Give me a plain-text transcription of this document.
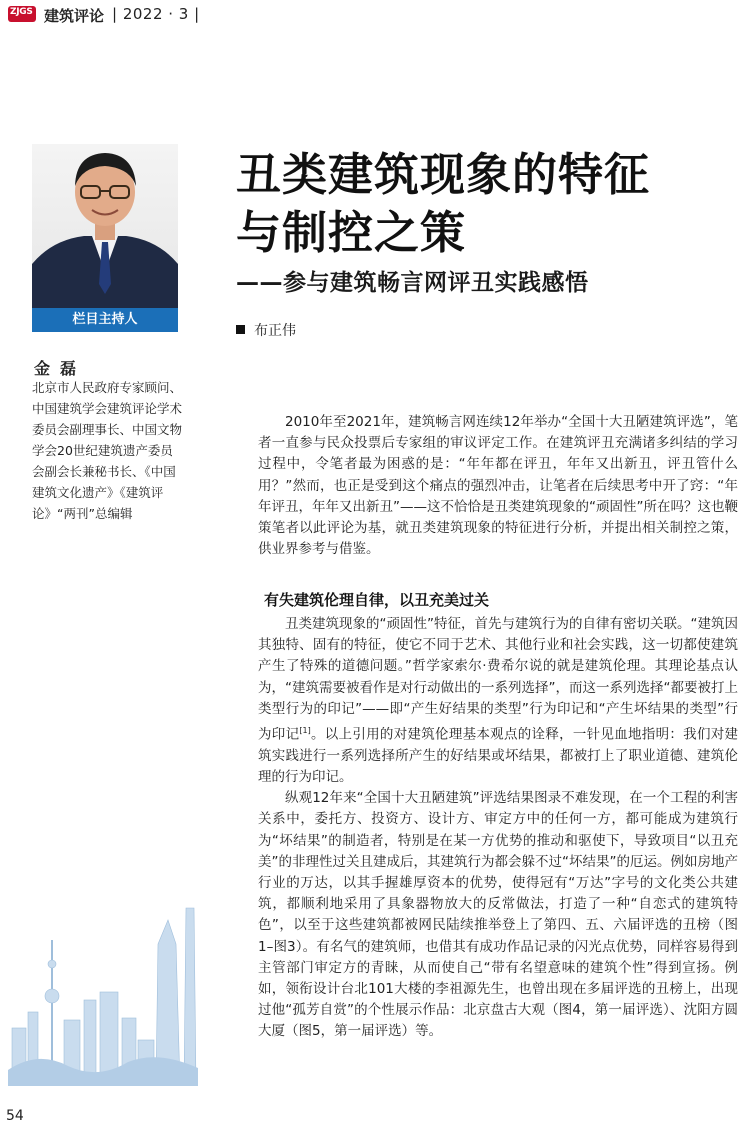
ZJGS 建筑评论 | 2022 · 3 |
丑类建筑现象的特征
与制控之策
——参与建筑畅言网评丑实践感悟
布正伟
栏目主持人
金磊
北京市人民政府专家顾问、中国建筑学会建筑评论学术委员会副理事长、中国文物学会20世纪建筑遗产委员会副会长兼秘书长、《中国建筑文化遗产》《建筑评论》“两刊”总编辑

2010年至2021年，建筑畅言网连续12年举办“全国十大丑陋建筑评选”，笔者一直参与民众投票后专家组的审议评定工作。在建筑评丑充满诸多纠结的学习过程中，令笔者最为困惑的是：“年年都在评丑，年年又出新丑，评丑管什么用？”然而，也正是受到这个痛点的强烈冲击，让笔者在后续思考中开了窍：“年年评丑，年年又出新丑”——这不恰恰是丑类建筑现象的“顽固性”所在吗？这也鞭策笔者以此评论为基，就丑类建筑现象的特征进行分析，并提出相关制控之策，供业界参考与借鉴。

有失建筑伦理自律，以丑充美过关

丑类建筑现象的“顽固性”特征，首先与建筑行为的自律有密切关联。“建筑因其独特、固有的特征，使它不同于艺术、其他行业和社会实践，这一切都使建筑产生了特殊的道德问题。”哲学家索尔·费希尔说的就是建筑伦理。其理论基点认为，“建筑需要被看作是对行动做出的一系列选择”，而这一系列选择“都要被打上类型行为的印记”——即“产生好结果的类型”行为印记和“产生坏结果的类型”行为印记[1]。以上引用的对建筑伦理基本观点的诠释，一针见血地指明：我们对建筑实践进行一系列选择所产生的好结果或坏结果，都被打上了职业道德、建筑伦理的行为印记。

纵观12年来“全国十大丑陋建筑”评选结果图录不难发现，在一个工程的利害关系中，委托方、投资方、设计方、审定方中的任何一方，都可能成为建筑行为“坏结果”的制造者，特别是在某一方优势的推动和驱使下，导致项目“以丑充美”的非理性过关且建成后，其建筑行为都会躲不过“坏结果”的厄运。例如房地产行业的万达，以其手握雄厚资本的优势，使得冠有“万达”字号的文化类公共建筑，都顺利地采用了具象器物放大的反常做法，打造了一种“自恋式的建筑特色”，以至于这些建筑都被网民陆续推举登上了第四、五、六届评选的丑榜（图1–图3）。有名气的建筑师，也借其有成功作品记录的闪光点优势，同样容易得到主管部门审定方的青睐，从而使自己“带有名望意味的建筑个性”得到宣扬。例如，领衔设计台北101大楼的李祖源先生，也曾出现在多届评选的丑榜上，出现过他“孤芳自赏”的个性展示作品：北京盘古大观（图4，第一届评选）、沈阳方圆大厦（图5，第一届评选）等。

54
